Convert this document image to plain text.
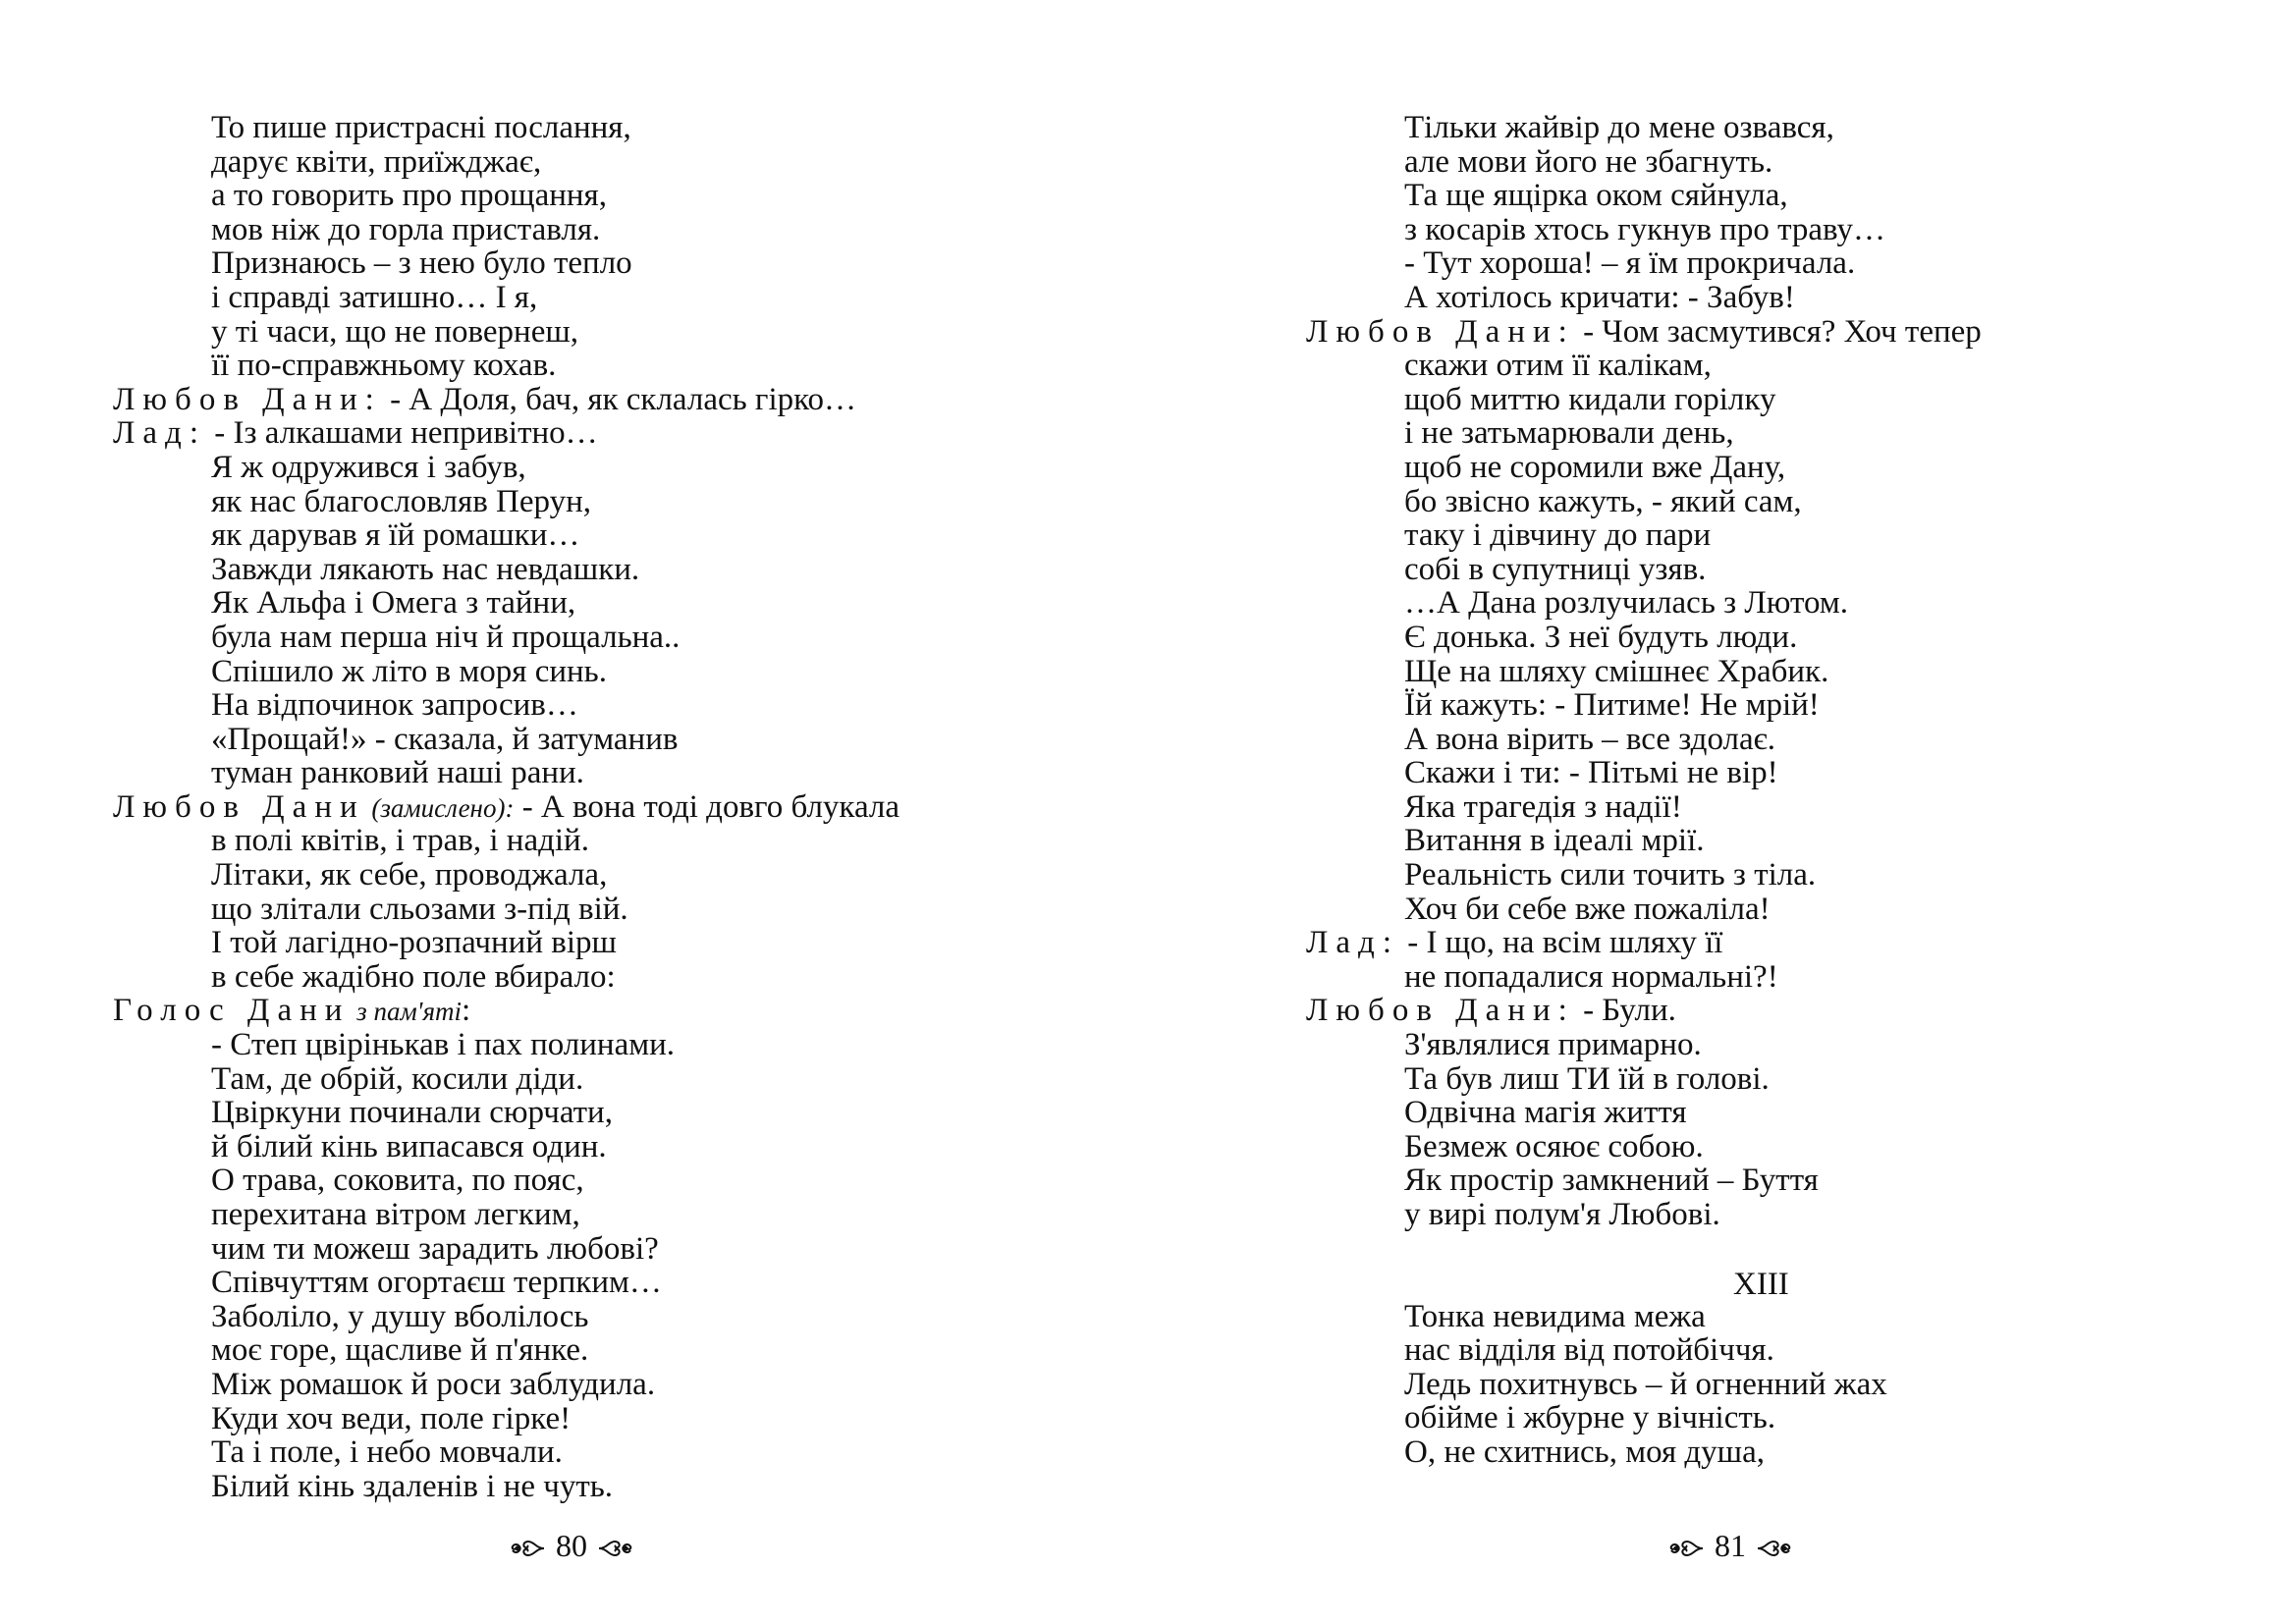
То пише пристрасні послання,
дарує квіти, приїжджає,
а то говорить про прощання,
мов ніж до горла приставля.
Признаюсь – з нею було тепло
і справді затишно… І я,
у ті часи, що не повернеш,
її по-справжньому кохав.
Любов Дани: - А Доля, бач, як склалась гірко…
Лад: - Із алкашами непривітно…
Я ж одружився і забув,
як нас благословляв Перун,
як дарував я їй ромашки…
Завжди лякають нас невдашки.
Як Альфа і Омега з тайни,
була нам перша ніч й прощальна..
Спішило ж літо в моря синь.
На відпочинок запросив…
«Прощай!» - сказала, й затуманив
туман ранковий наші рани.
Любов Дани (замислено): - А вона тоді довго блукала
в полі квітів, і трав, і надій.
Літаки, як себе, проводжала,
що злітали сльозами з-під вій.
І той лагідно-розпачний вірш
в себе жадібно поле вбирало:
Голос Дани з пам'яті:
- Степ цвірінькав і пах полинами.
Там, де обрій, косили діди.
Цвіркуни починали сюрчати,
й білий кінь випасався один.
О трава, соковита, по пояс,
перехитана вітром легким,
чим ти можеш зарадить любові?
Співчуттям огортаєш терпким…
Заболіло, у душу вболілось
моє горе, щасливе й п'янке.
Між ромашок й роси заблудила.
Куди хоч веди, поле гірке!
Та і поле, і небо мовчали.
Білий кінь здаленів і не чуть.
80
Тільки жайвір до мене озвався,
але мови його не збагнуть.
Та ще ящірка оком сяйнула,
з косарів хтось гукнув про траву…
- Тут хороша! – я їм прокричала.
А хотілось кричати: - Забув!
Любов Дани: - Чом засмутився? Хоч тепер
скажи отим її калікам,
щоб миттю кидали горілку
і не затьмарювали день,
щоб не соромили вже Дану,
бо звісно кажуть, - який сам,
таку і дівчину до пари
собі в супутниці узяв.
…А Дана розлучилась з Лютом.
Є донька. З неї будуть люди.
Ще на шляху смішнеє Храбик.
Їй кажуть: - Питиме! Не мрій!
А вона вірить – все здолає.
Скажи і ти: - Пітьмі не вір!
Яка трагедія з надії!
Витання в ідеалі мрії.
Реальність сили точить з тіла.
Хоч би себе вже пожаліла!
Лад: - І що, на всім шляху її
не попадалися нормальні?!
Любов Дани: - Були.
З'являлися примарно.
Та був лиш ТИ їй в голові.
Одвічна магія життя
Безмеж осяює собою.
Як простір замкнений – Буття
у вирі полум'я Любові.
Тонка невидима межа
нас відділя від потойбіччя.
Ледь похитнувсь – й огненний жах
обійме і жбурне у вічність.
О, не схитнись, моя душа,
81
XIII
